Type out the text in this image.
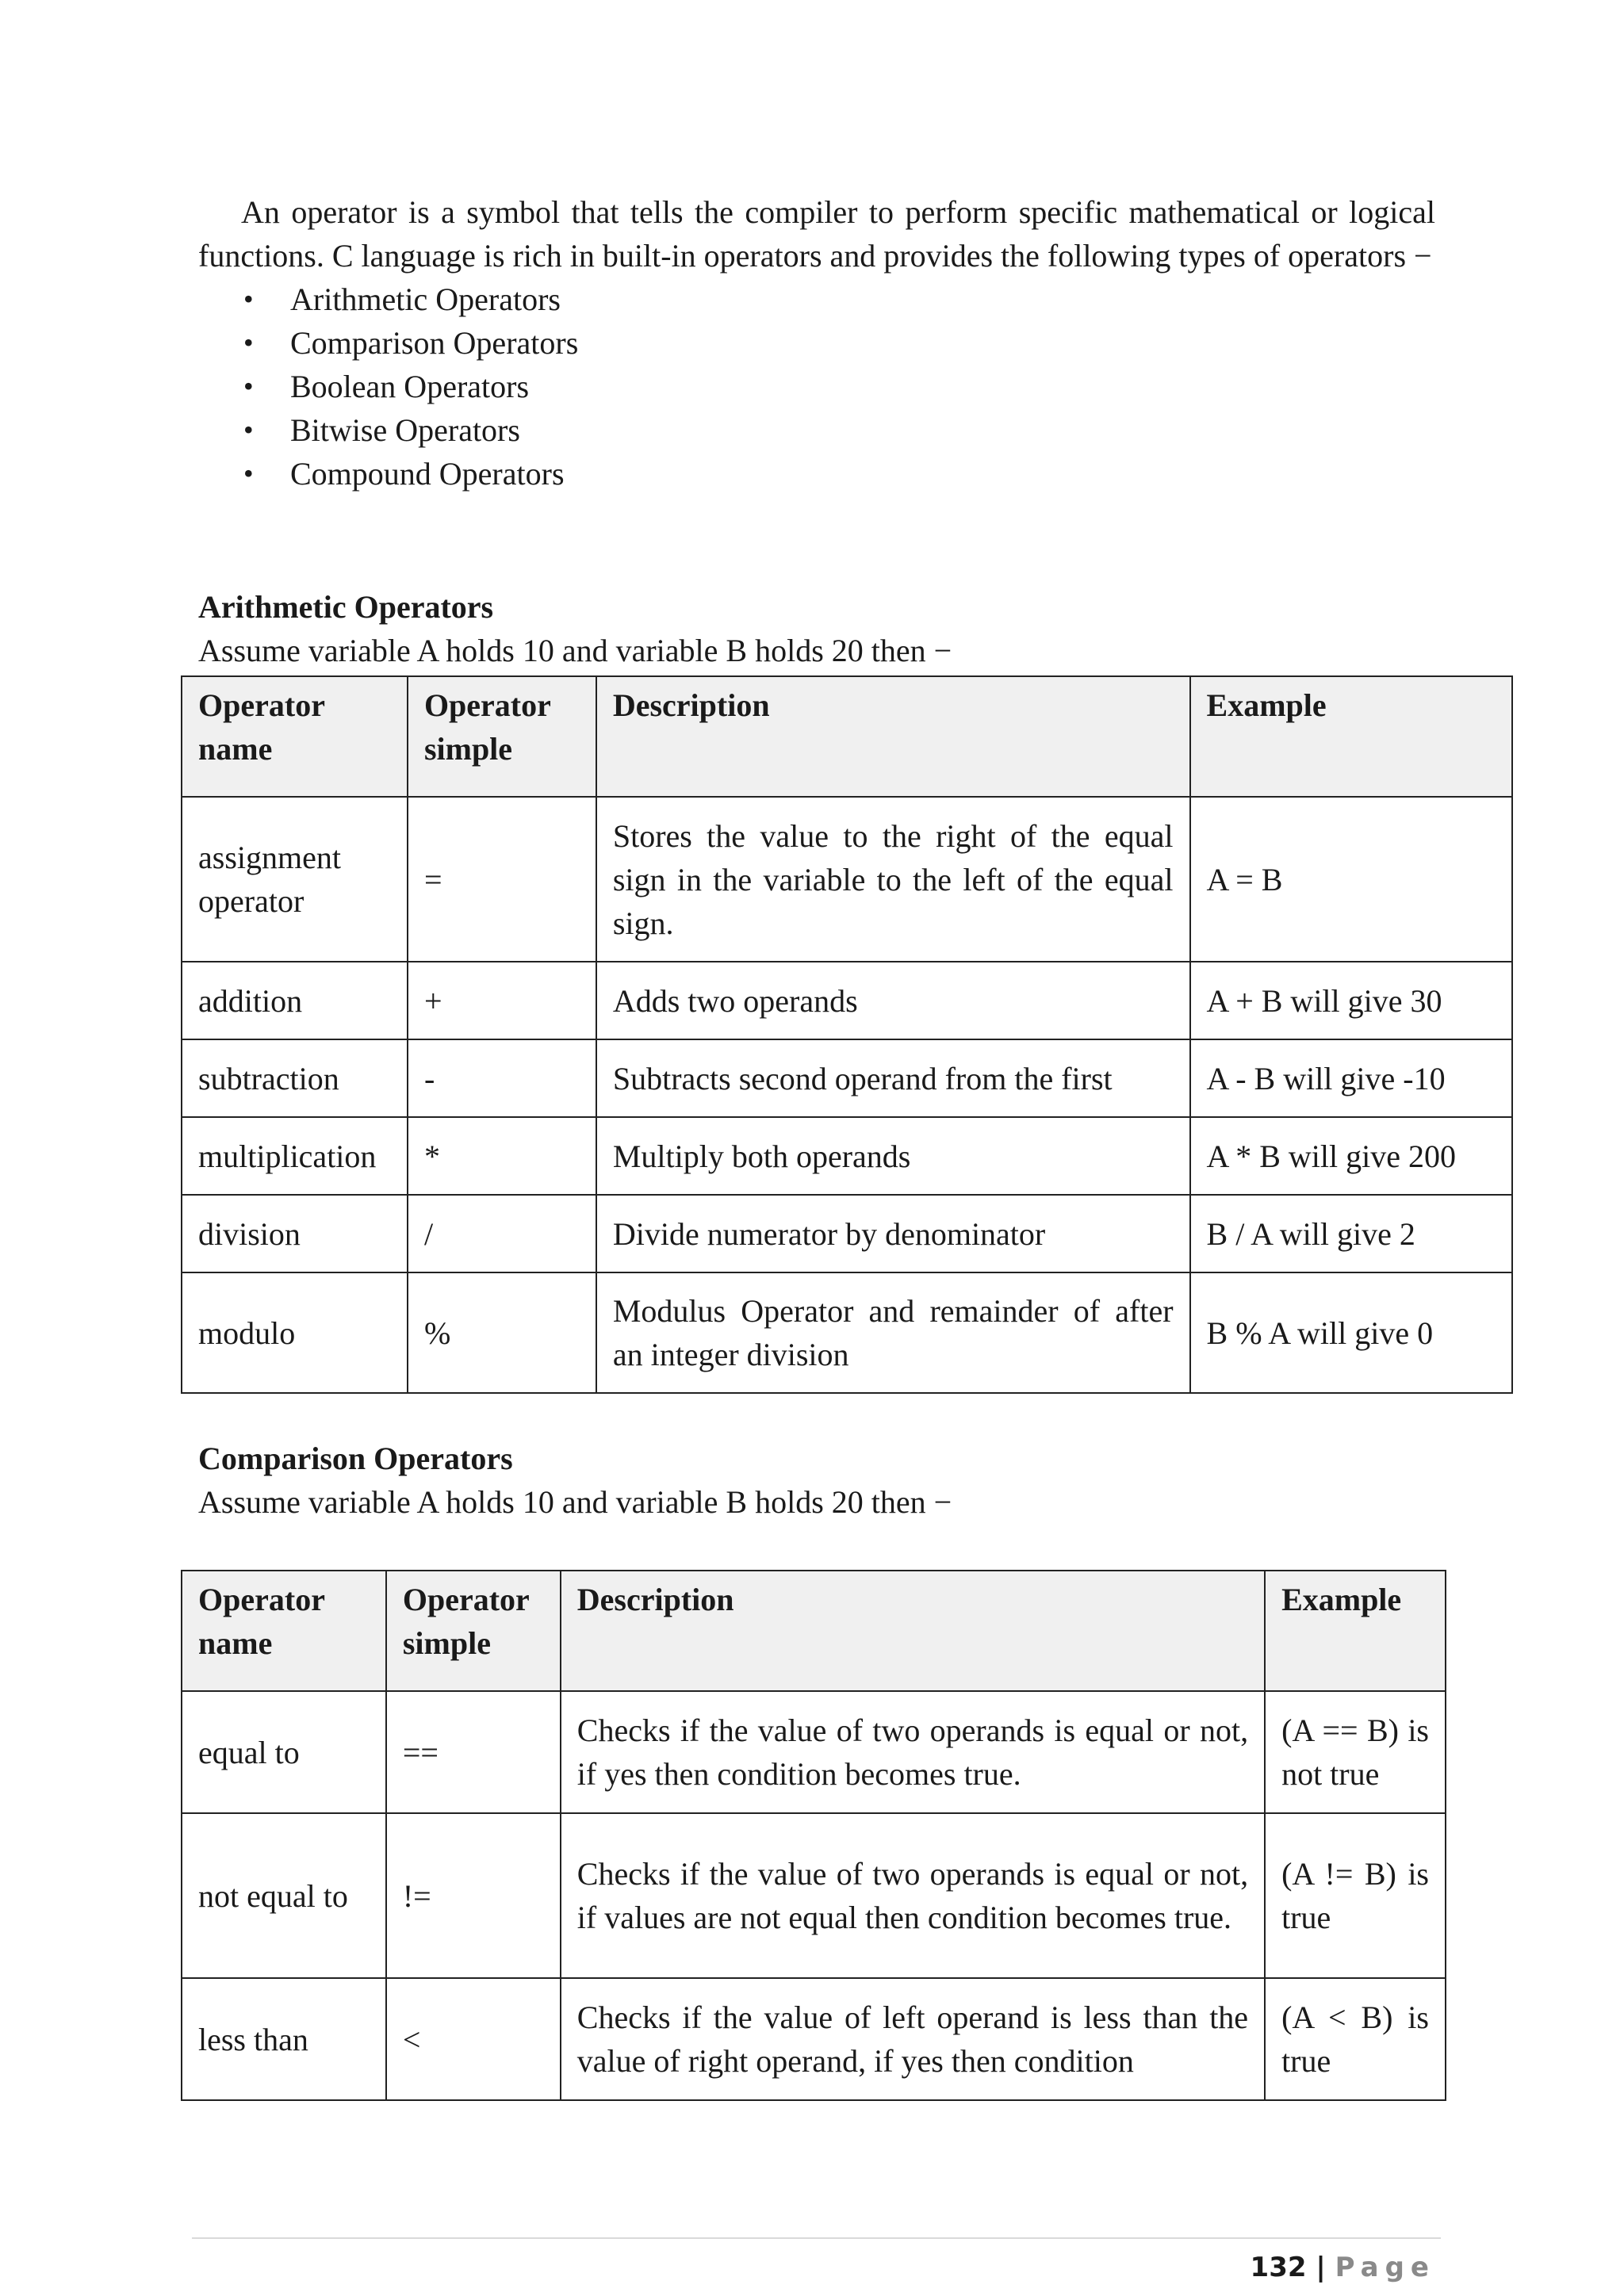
An operator is a symbol that tells the compiler to perform specific mathematical or logical functions. C language is rich in built-in operators and provides the following types of operators −

• Arithmetic Operators
• Comparison Operators
• Boolean Operators
• Bitwise Operators
• Compound Operators

Arithmetic Operators

Assume variable A holds 10 and variable B holds 20 then −

Operator name	Operator simple	Description	Example
assignment operator	=	Stores the value to the right of the equal sign in the variable to the left of the equal sign.	A = B
addition	+	Adds two operands	A + B will give 30
subtraction	-	Subtracts second operand from the first	A - B will give -10
multiplication	*	Multiply both operands	A * B will give 200
division	/	Divide numerator by denominator	B / A will give 2
modulo	%	Modulus Operator and remainder of after an integer division	B % A will give 0

Comparison Operators

Assume variable A holds 10 and variable B holds 20 then −

Operator name	Operator simple	Description	Example
equal to	==	Checks if the value of two operands is equal or not, if yes then condition becomes true.	(A == B) is not true
not equal to	!=	Checks if the value of two operands is equal or not, if values are not equal then condition becomes true.	(A != B) is true
less than	<	Checks if the value of left operand is less than the value of right operand, if yes then condition	(A < B) is true
132 | Page
